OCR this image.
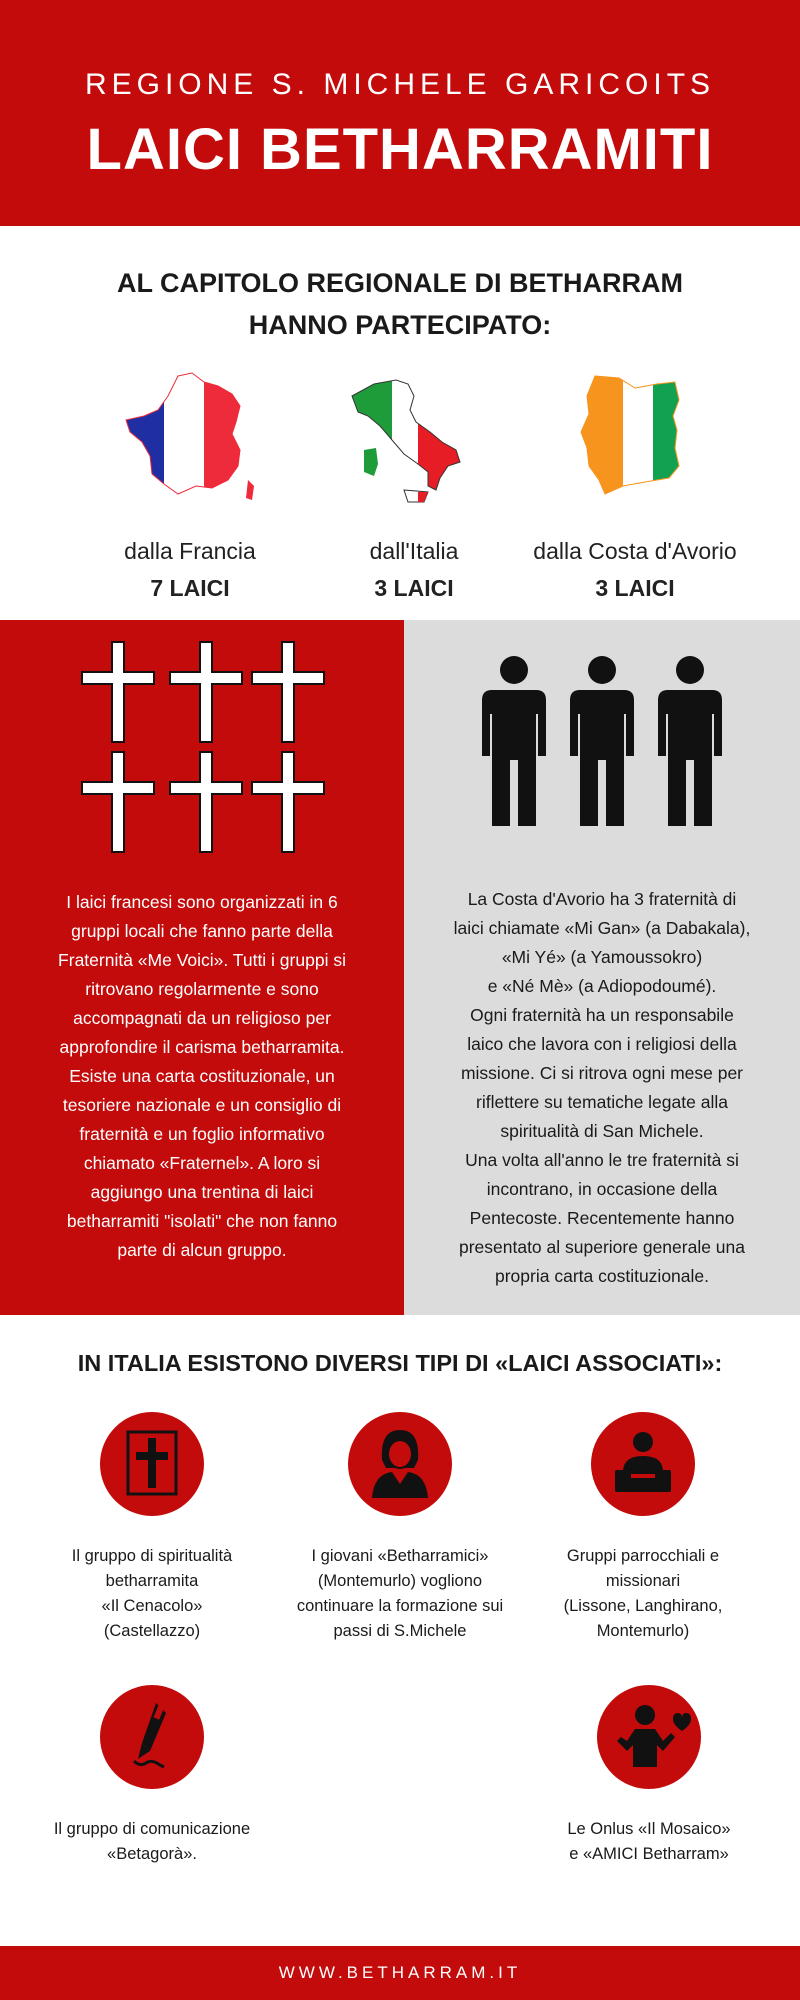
REGIONE S. MICHELE GARICOITS
LAICI BETHARRAMITI
AL CAPITOLO REGIONALE DI BETHARRAM
HANNO PARTECIPATO:
dalla Francia
7 LAICI
dall'Italia
3 LAICI
dalla Costa d'Avorio
3 LAICI

I laici francesi sono organizzati in 6

gruppi locali che fanno parte della

Fraternità «Me Voici». Tutti i gruppi si

ritrovano regolarmente e sono

accompagnati da un religioso per

approfondire il carisma betharramita.

Esiste una carta costituzionale, un

tesoriere nazionale e un consiglio di

fraternità e un foglio informativo

chiamato «Fraternel». A loro si

aggiungo una trentina di laici

betharramiti "isolati" che non fanno

parte di alcun gruppo.

La Costa d'Avorio ha 3 fraternità di

laici chiamate «Mi Gan» (a Dabakala),

«Mi Yé» (a Yamoussokro)

e «Né Mè» (a Adiopodoumé).

Ogni fraternità ha un responsabile

laico che lavora con i religiosi della

missione. Ci si ritrova ogni mese per

riflettere su tematiche legate alla

spiritualità di San Michele.

Una volta all'anno le tre fraternità si

incontrano, in occasione della

Pentecoste. Recentemente hanno

presentato al superiore generale una

propria carta costituzionale.

IN ITALIA ESISTONO DIVERSI TIPI DI «LAICI ASSOCIATI»:
Il gruppo di spiritualità
betharramita
«Il Cenacolo»
(Castellazzo)
I giovani «Betharramici»
(Montemurlo) vogliono
continuare la formazione sui
passi di S.Michele
Gruppi parrocchiali e
missionari
(Lissone, Langhirano,
Montemurlo)
Il gruppo di comunicazione
«Betagorà».
Le Onlus «Il Mosaico»
e «AMICI Betharram»
WWW.BETHARRAM.IT
